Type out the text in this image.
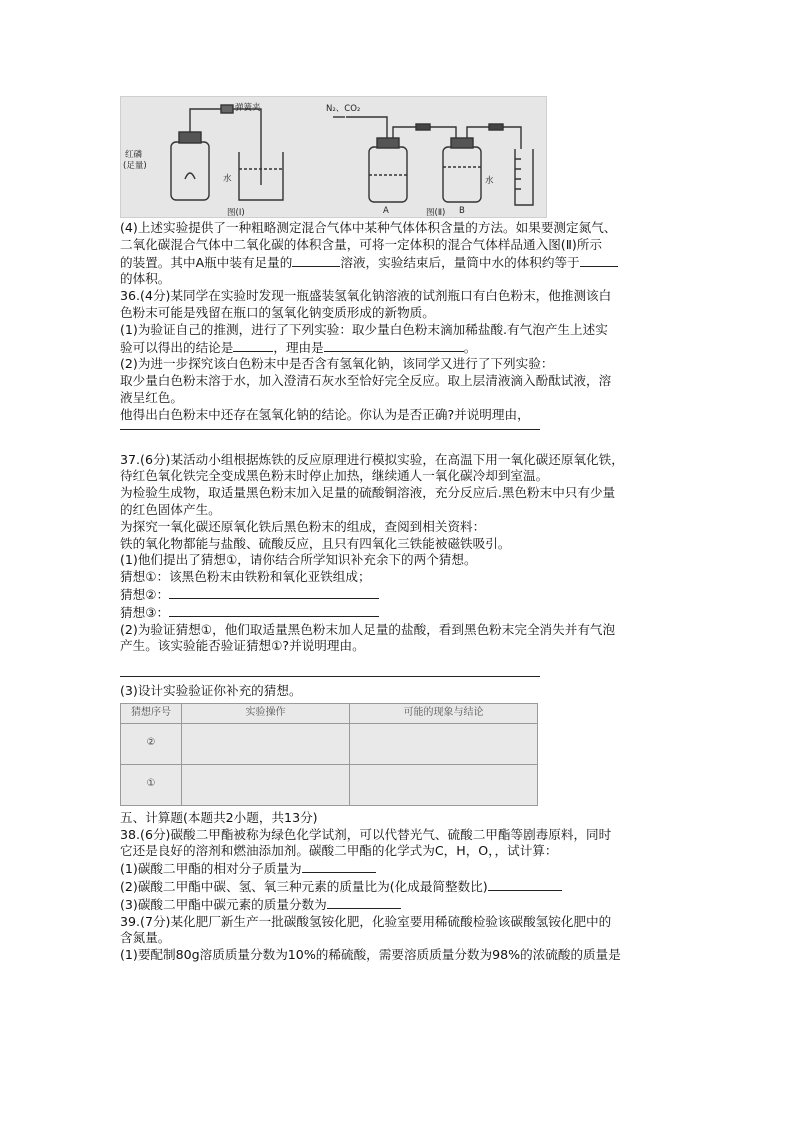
弹簧夹
红磷
(足量)
水
N₂、CO₂
A	B
水
图(Ⅰ)	图(Ⅱ)
(4)上述实验提供了一种粗略测定混合气体中某种气体体积含量的方法。如果要测定氮气、
二氧化碳混合气体中二氧化碳的体积含量，可将一定体积的混合气体样品通入图(Ⅱ)所示
的装置。其中A瓶中装有足量的	溶液，实验结束后，量筒中水的体积约等于
的体积。
36.(4分)某同学在实验时发现一瓶盛装氢氧化钠溶液的试剂瓶口有白色粉末，他推测该白
色粉末可能是残留在瓶口的氢氧化钠变质形成的新物质。
(1)为验证自己的推测，进行了下列实验：取少量白色粉末滴加稀盐酸.有气泡产生上述实
验可以得出的结论是	，理由是	。
(2)为进一步探究该白色粉末中是否含有氢氧化钠，该同学又进行了下列实验：
取少量白色粉末溶于水，加入澄清石灰水至恰好完全反应。取上层清液滴入酚酞试液，溶
液呈红色。
他得出白色粉末中还存在氢氧化钠的结论。你认为是否正确?并说明理由，
37.(6分)某活动小组根据炼铁的反应原理进行模拟实验，在高温下用一氧化碳还原氧化铁，
待红色氧化铁完全变成黑色粉末时停止加热，继续通人一氧化碳冷却到室温。
为检验生成物，取适量黑色粉末加入足量的硫酸铜溶液，充分反应后.黑色粉末中只有少量
的红色固体产生。
为探究一氧化碳还原氧化铁后黑色粉末的组成，查阅到相关资料：
铁的氧化物都能与盐酸、硫酸反应，且只有四氧化三铁能被磁铁吸引。
(1)他们提出了猜想①，请你结合所学知识补充余下的两个猜想。
猜想①：该黑色粉末由铁粉和氧化亚铁组成；
猜想②：
猜想③：
(2)为验证猜想①，他们取适量黑色粉末加人足量的盐酸，看到黑色粉末完全消失并有气泡
产生。该实验能否验证猜想①?并说明理由。
(3)设计实验验证你补充的猜想。
猜想序号	实验操作	可能的现象与结论
②		
①		
五、计算题(本题共2小题，共13分)
38.(6分)碳酸二甲酯被称为绿色化学试剂，可以代替光气、硫酸二甲酯等剧毒原料，同时
它还是良好的溶剂和燃油添加剂。碳酸二甲酯的化学式为C，H，O，，试计算：
(1)碳酸二甲酯的相对分子质量为
(2)碳酸二甲酯中碳、氢、氧三种元素的质量比为(化成最简整数比)
(3)碳酸二甲酯中碳元素的质量分数为
39.(7分)某化肥厂新生产一批碳酸氢铵化肥，化验室要用稀硫酸检验该碳酸氢铵化肥中的
含氮量。
(1)要配制80g溶质质量分数为10%的稀硫酸，需要溶质质量分数为98%的浓硫酸的质量是
